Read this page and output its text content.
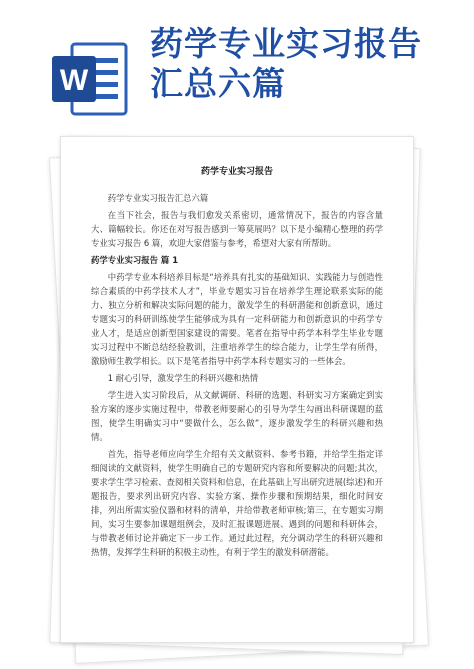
W
药学专业实习报告
汇总六篇
药学专业实习报告
药学专业实习报告汇总六篇
在当下社会，报告与我们愈发关系密切，通常情况下，报告的内容含量大、篇幅较长。你还在对写报告感到一筹莫展吗？以下是小编精心整理的药学专业实习报告 6 篇，欢迎大家借鉴与参考，希望对大家有所帮助。
药学专业实习报告 篇 1
中药学专业本科培养目标是“培养具有扎实的基础知识、实践能力与创造性综合素质的中药学技术人才”，毕业专题实习旨在培养学生理论联系实际的能力、独立分析和解决实际问题的能力，激发学生的科研潜能和创新意识，通过专题实习的科研训练使学生能够成为具有一定科研能力和创新意识的中药学专业人才，是适应创新型国家建设的需要。笔者在指导中药学本科学生毕业专题实习过程中不断总结经验教训，注重培养学生的综合能力，让学生学有所得，激励师生教学相长。以下是笔者指导中药学本科专题实习的一些体会。
1 耐心引导，激发学生的科研兴趣和热情
学生进入实习阶段后，从文献调研、科研的选题、科研实习方案确定到实验方案的逐步实施过程中，带教老师要耐心的引导为学生勾画出科研课题的蓝图，使学生明确实习中“要做什么，怎么做”，逐步激发学生的科研兴趣和热情。
首先，指导老师应向学生介绍有关文献资料、参考书籍，并给学生指定详细阅读的文献资料，使学生明确自己的专题研究内容和所要解决的问题;其次，要求学生学习检索、查阅相关资料和信息，在此基础上写出研究进展(综述)和开题报告，要求列出研究内容、实验方案、操作步骤和预期结果，细化时间安排，列出所需实验仪器和材料的清单，并给带教老师审核;第三，在专题实习期间，实习生要参加课题组例会，及时汇报课题进展、遇到的问题和科研体会，与带教老师讨论并确定下一步工作。通过此过程，充分调动学生的科研兴趣和热情，发挥学生科研的积极主动性，有利于学生的激发科研潜能。
